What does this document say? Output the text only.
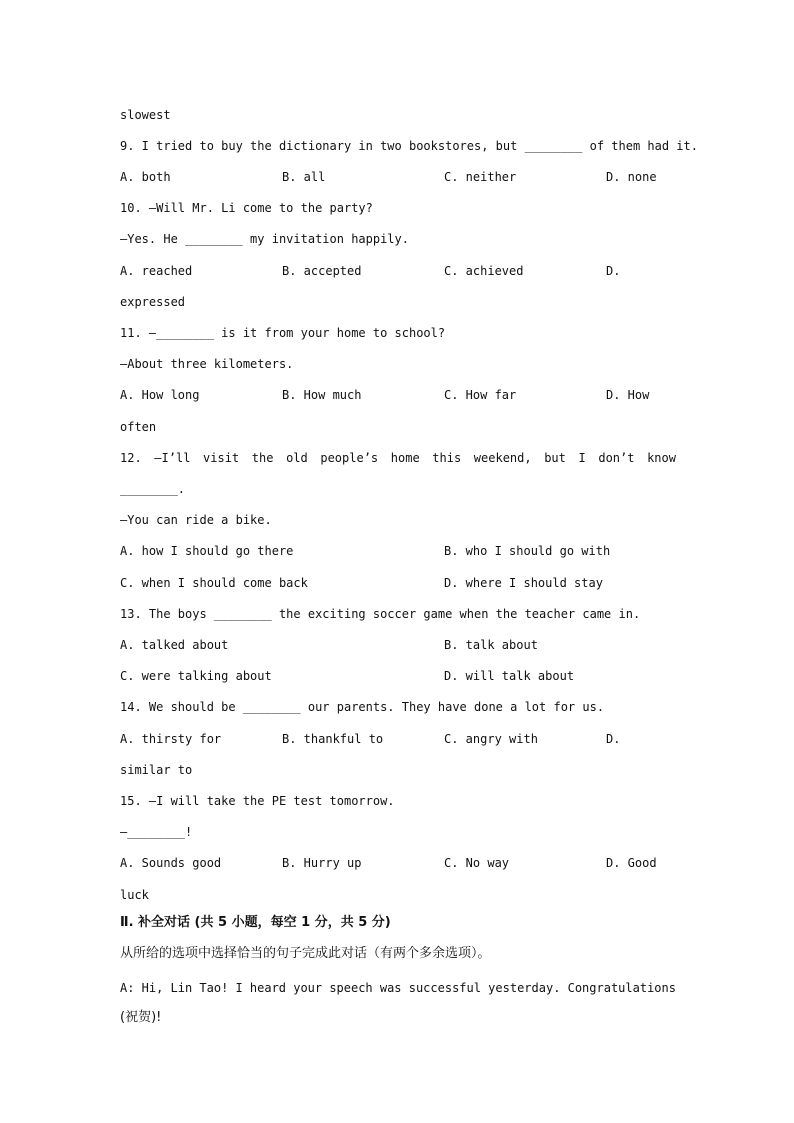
slowest
9. I tried to buy the dictionary in two bookstores, but ________ of them had it.
A. both	B. all	C. neither	D. none
10. —Will Mr. Li come to the party?
—Yes. He ________ my invitation happily.
A. reached	B. accepted	C. achieved	D.
expressed
11. —________ is it from your home to school?
—About three kilometers.
A. How long	B. How much	C. How far	D. How
often
12. —I’ll visit the old people’s home this weekend, but I don’t know
________.
—You can ride a bike.
A. how I should go there	B. who I should go with
C. when I should come back	D. where I should stay
13. The boys ________ the exciting soccer game when the teacher came in.
A. talked about	B. talk about
C. were talking about	D. will talk about
14. We should be ________ our parents. They have done a lot for us.
A. thirsty for	B. thankful to	C. angry with	D.
similar to
15. —I will take the PE test tomorrow.
—________!
A. Sounds good	B. Hurry up	C. No way	D. Good
luck
Ⅱ. 补全对话 (共 5 小题，每空 1 分，共 5 分)
从所给的选项中选择恰当的句子完成此对话（有两个多余选项）。
A: Hi, Lin Tao! I heard your speech was successful yesterday. Congratulations
(祝贺)!
